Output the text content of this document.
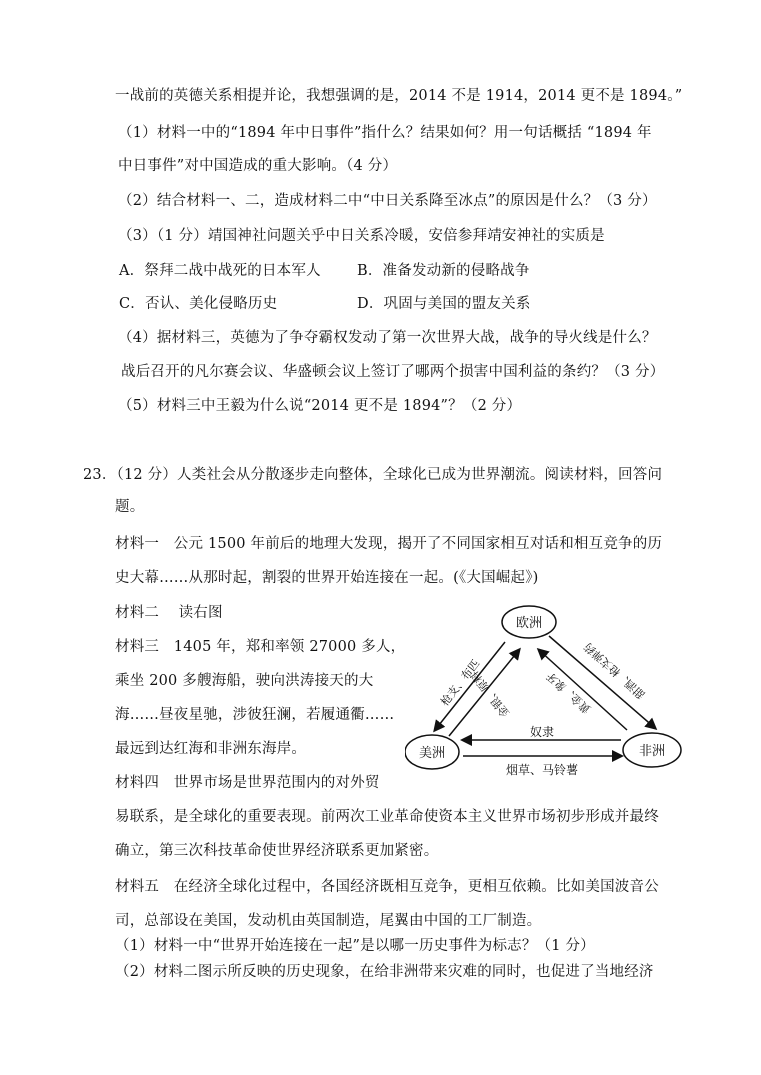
一战前的英德关系相提并论，我想强调的是，2014 不是 1914，2014 更不是 1894。”
（1）材料一中的“1894 年中日事件”指什么？结果如何？用一句话概括 “1894 年
中日事件”对中国造成的重大影响。（4 分）
（2）结合材料一、二，造成材料二中“中日关系降至冰点”的原因是什么？（3 分）
（3）（1 分）靖国神社问题关乎中日关系冷暖，安倍参拜靖安神社的实质是
A．祭拜二战中战死的日本军人 B．准备发动新的侵略战争
C．否认、美化侵略历史	D．巩固与美国的盟友关系
（4）据材料三，英德为了争夺霸权发动了第一次世界大战，战争的导火线是什么？
战后召开的凡尔赛会议、华盛顿会议上签订了哪两个损害中国利益的条约？（3 分）
（5）材料三中王毅为什么说“2014 更不是 1894”？（2 分）
23．（12 分）人类社会从分散逐步走向整体，全球化已成为世界潮流。阅读材料，回答问
题。
材料一　公元 1500 年前后的地理大发现，揭开了不同国家相互对话和相互竞争的历
史大幕……从那时起，割裂的世界开始连接在一起。(《大国崛起》)
材料二　 读右图
材料三　1405 年，郑和率领 27000 多人，
乘坐 200 多艘海船，驶向洪涛接天的大
海……昼夜星驰，涉彼狂澜，若履通衢……
最远到达红海和非洲东海岸。
材料四　世界市场是世界范围内的对外贸
易联系，是全球化的重要表现。前两次工业革命使资本主义世界市场初步形成并最终
确立，第三次科技革命使世界经济联系更加紧密。
材料五　在经济全球化过程中，各国经济既相互竞争，更相互依赖。比如美国波音公
司，总部设在美国，发动机由英国制造，尾翼由中国的工厂制造。
（1）材料一中“世界开始连接在一起”是以哪一历史事件为标志？（1 分）
（2）材料二图示所反映的历史现象，在给非洲带来灾难的同时，也促进了当地经济
欧洲
美洲	非洲
枪支、布匹
金银、原料	甜酒、枪支弹药
黄金、象牙
奴隶
烟草、马铃薯
